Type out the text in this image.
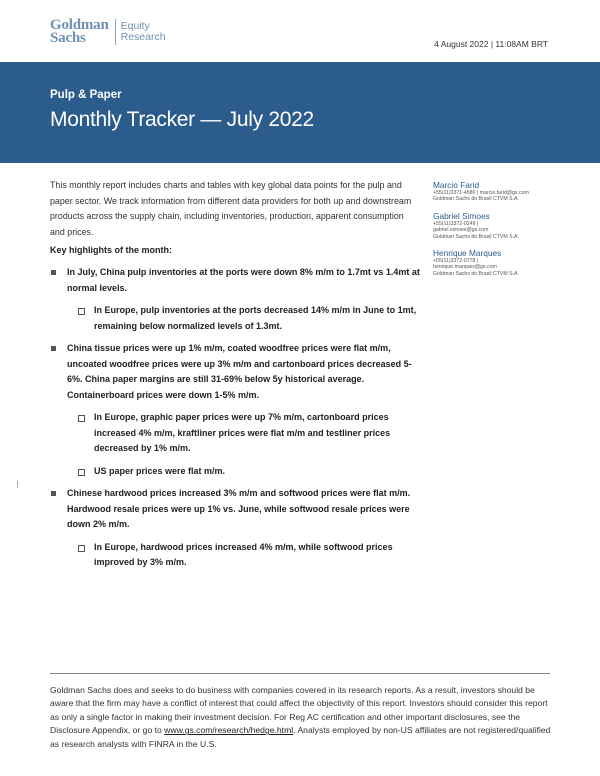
Goldman
Sachs
Equity
Research
4 August 2022 | 11:08AM BRT
Pulp & Paper
Monthly Tracker — July 2022
This monthly report includes charts and tables with key global data points for the pulp and paper sector. We track information from different data providers for both up and downstream products across the supply chain, including inventories, production, apparent consumption and prices.
Marcio Farid
+55(11)3371-4580 | marcio.farid@gs.com
Goldman Sachs do Brasil CTVM S.A.
Gabriel Simoes
+55(11)3372-0249 |
gabriel.simoes@gs.com
Goldman Sachs do Brasil CTVM S.A.
Henrique Marques
+55(11)3372-0778 |
henrique.marques@gs.com
Goldman Sachs do Brasil CTVM S.A.
Key highlights of the month:
In July, China pulp inventories at the ports were down 8% m/m to 1.7mt vs 1.4mt at normal levels.
In Europe, pulp inventories at the ports decreased 14% m/m in June to 1mt, remaining below normalized levels of 1.3mt.
China tissue prices were up 1% m/m, coated woodfree prices were flat m/m, uncoated woodfree prices were up 3% m/m and cartonboard prices decreased 5-6%. China paper margins are still 31-69% below 5y historical average. Containerboard prices were down 1-5% m/m.
In Europe, graphic paper prices were up 7% m/m, cartonboard prices increased 4% m/m, kraftliner prices were flat m/m and testliner prices decreased by 1% m/m.
US paper prices were flat m/m.
Chinese hardwood prices increased 3% m/m and softwood prices were flat m/m. Hardwood resale prices were up 1% vs. June, while softwood resale prices were down 2% m/m.
In Europe, hardwood prices increased 4% m/m, while softwood prices improved by 3% m/m.
Goldman Sachs does and seeks to do business with companies covered in its research reports. As a result, investors should be aware that the firm may have a conflict of interest that could affect the objectivity of this report. Investors should consider this report as only a single factor in making their investment decision. For Reg AC certification and other important disclosures, see the Disclosure Appendix, or go to www.gs.com/research/hedge.html. Analysts employed by non-US affiliates are not registered/qualified as research analysts with FINRA in the U.S.
